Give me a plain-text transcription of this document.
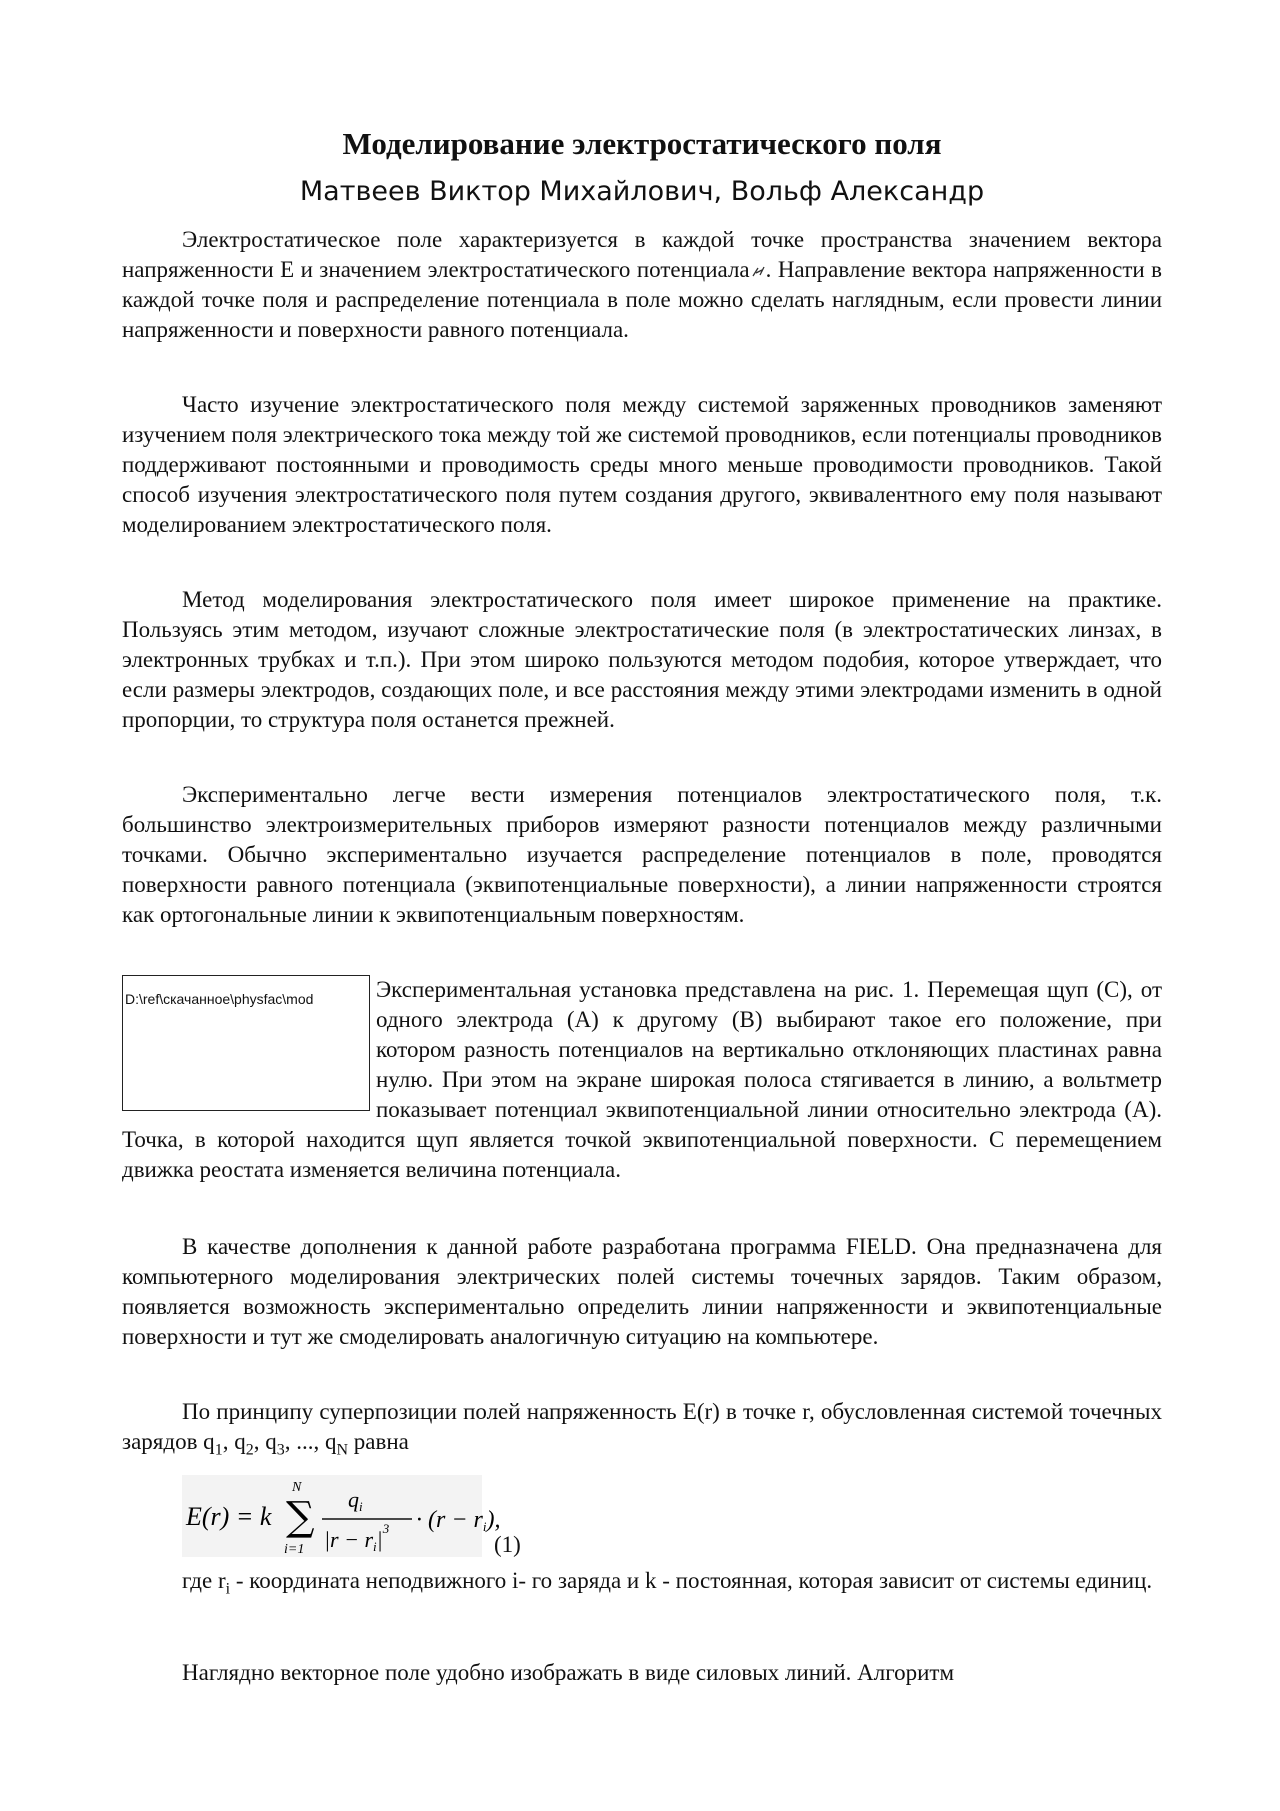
Моделирование электростатического поля
Матвеев Виктор Михайлович, Вольф Александр

Электростатическое поле характеризуется в каждой точке пространства значением вектора напряженности E и значением электростатического потенциала . Направление вектора напряженности в каждой точке поля и распределение потенциала в поле можно сделать наглядным, если провести линии напряженности и поверхности равного потенциала.

Часто изучение электростатического поля между системой заряженных проводников заменяют изучением поля электрического тока между той же системой проводников, если потенциалы проводников поддерживают постоянными и проводимость среды много меньше проводимости проводников. Такой способ изучения электростатического поля путем создания другого, эквивалентного ему поля называют моделированием электростатического поля.

Метод моделирования электростатического поля имеет широкое применение на практике. Пользуясь этим методом, изучают сложные электростатические поля (в электростатических линзах, в электронных трубках и т.п.). При этом широко пользуются методом подобия, которое утверждает, что если размеры электродов, создающих поле, и все расстояния между этими электродами изменить в одной пропорции, то структура поля останется прежней.

Экспериментально легче вести измерения потенциалов электростатического поля, т.к. большинство электроизмерительных приборов измеряют разности потенциалов между различными точками. Обычно экспериментально изучается распределение потенциалов в поле, проводятся поверхности равного потенциала (эквипотенциальные поверхности), а линии напряженности строятся как ортогональные линии к эквипотенциальным поверхностям.

D:\ref\скачанное\physfac\mod	Экспериментальная установка представлена на рис. 1. Перемещая щуп (С), от одного электрода (А) к другому (В) выбирают такое его положение, при котором разность потенциалов на вертикально отклоняющих пластинах равна нулю. При этом на экране широкая полоса стягивается в линию, а вольтметр показывает потенциал эквипотенциальной линии относительно электрода (А). Точка, в которой находится щуп является точкой эквипотенциальной поверхности. С перемещением движка реостата изменяется величина потенциала.

В качестве дополнения к данной работе разработана программа FIELD. Она предназначена для компьютерного моделирования электрических полей системы точечных зарядов. Таким образом, появляется возможность экспериментально определить линии напряженности и эквипотенциальные поверхности и тут же смоделировать аналогичную ситуацию на компьютере.

По принципу суперпозиции полей напряженность E(r) в точке r, обусловленная системой точечных зарядов $q_1$, $q_2$, $q_3$, ..., $q_N$ равна

E(r) = k ∑
N
i=1
qi
$|r - ri|^3 \cdot (r - ri)$,
(1)

где $r_i$ - координата неподвижного i- го заряда и k - постоянная, которая зависит от системы единиц.

Наглядно векторное поле удобно изображать в виде силовых линий. Алгоритм
